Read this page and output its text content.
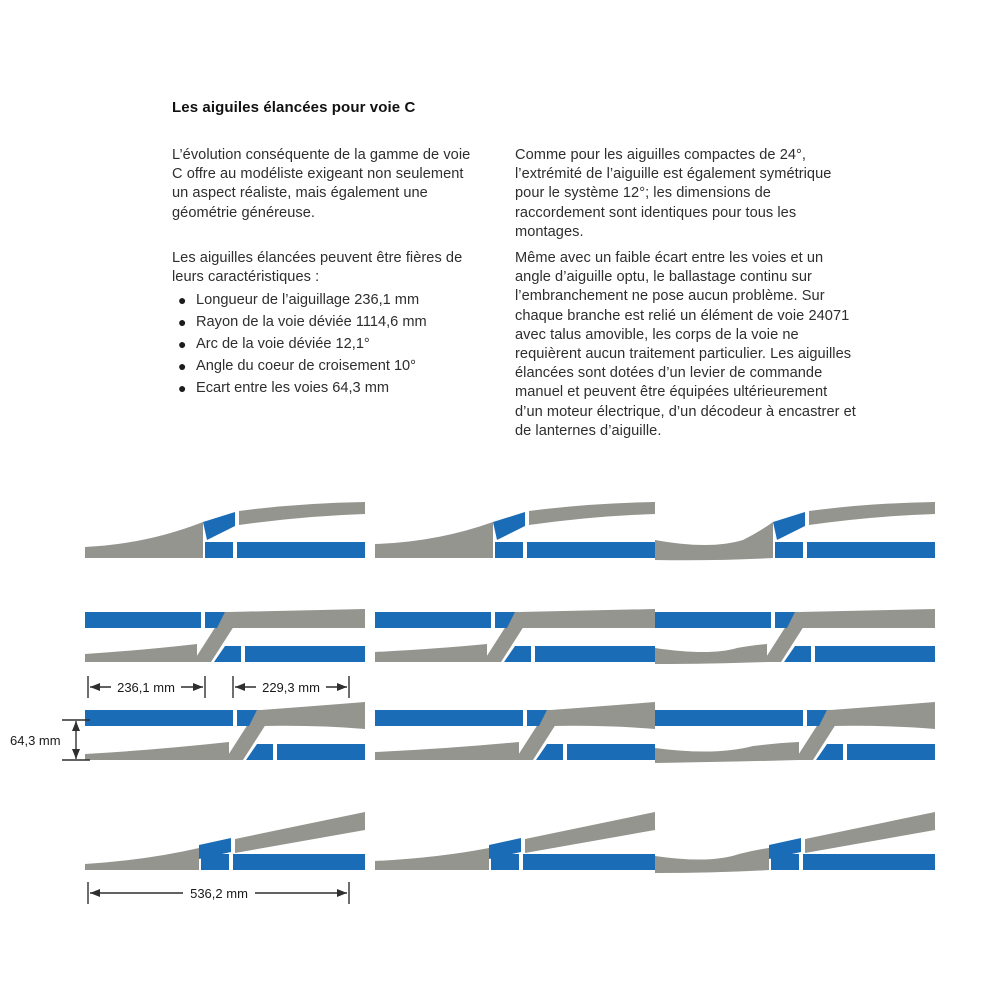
Les aiguiles élancées pour voie C
L’évolution conséquente de la gamme de voie C offre au modéliste exigeant non seulement un aspect réaliste, mais également une géométrie généreuse.
Les aiguilles élancées peuvent être fières de leurs caractéristiques :
● Longueur de l’aiguillage 236,1 mm
● Rayon de la voie déviée 1114,6 mm
● Arc de la voie déviée 12,1°
● Angle du coeur de croisement 10°
● Ecart entre les voies 64,3 mm
Comme pour les aiguilles compactes de 24°, l’extrémité de l’aiguille est également symétrique pour le système 12°; les dimensions de raccordement sont identiques pour tous les montages.
Même avec un faible écart entre les voies et un angle d’aiguille optu, le ballastage continu sur l’embranchement ne pose aucun problème. Sur chaque branche est relié un élément de voie 24071 avec talus amovible, les corps de la voie ne requièrent aucun traitement particulier. Les aiguilles élancées sont dotées d’un levier de commande manuel et peuvent être équipées ultérieurement d’un moteur électrique, d’un décodeur à encastrer et de lanternes d’aiguille.
236,1 mm	229,3 mm
64,3 mm
536,2 mm
